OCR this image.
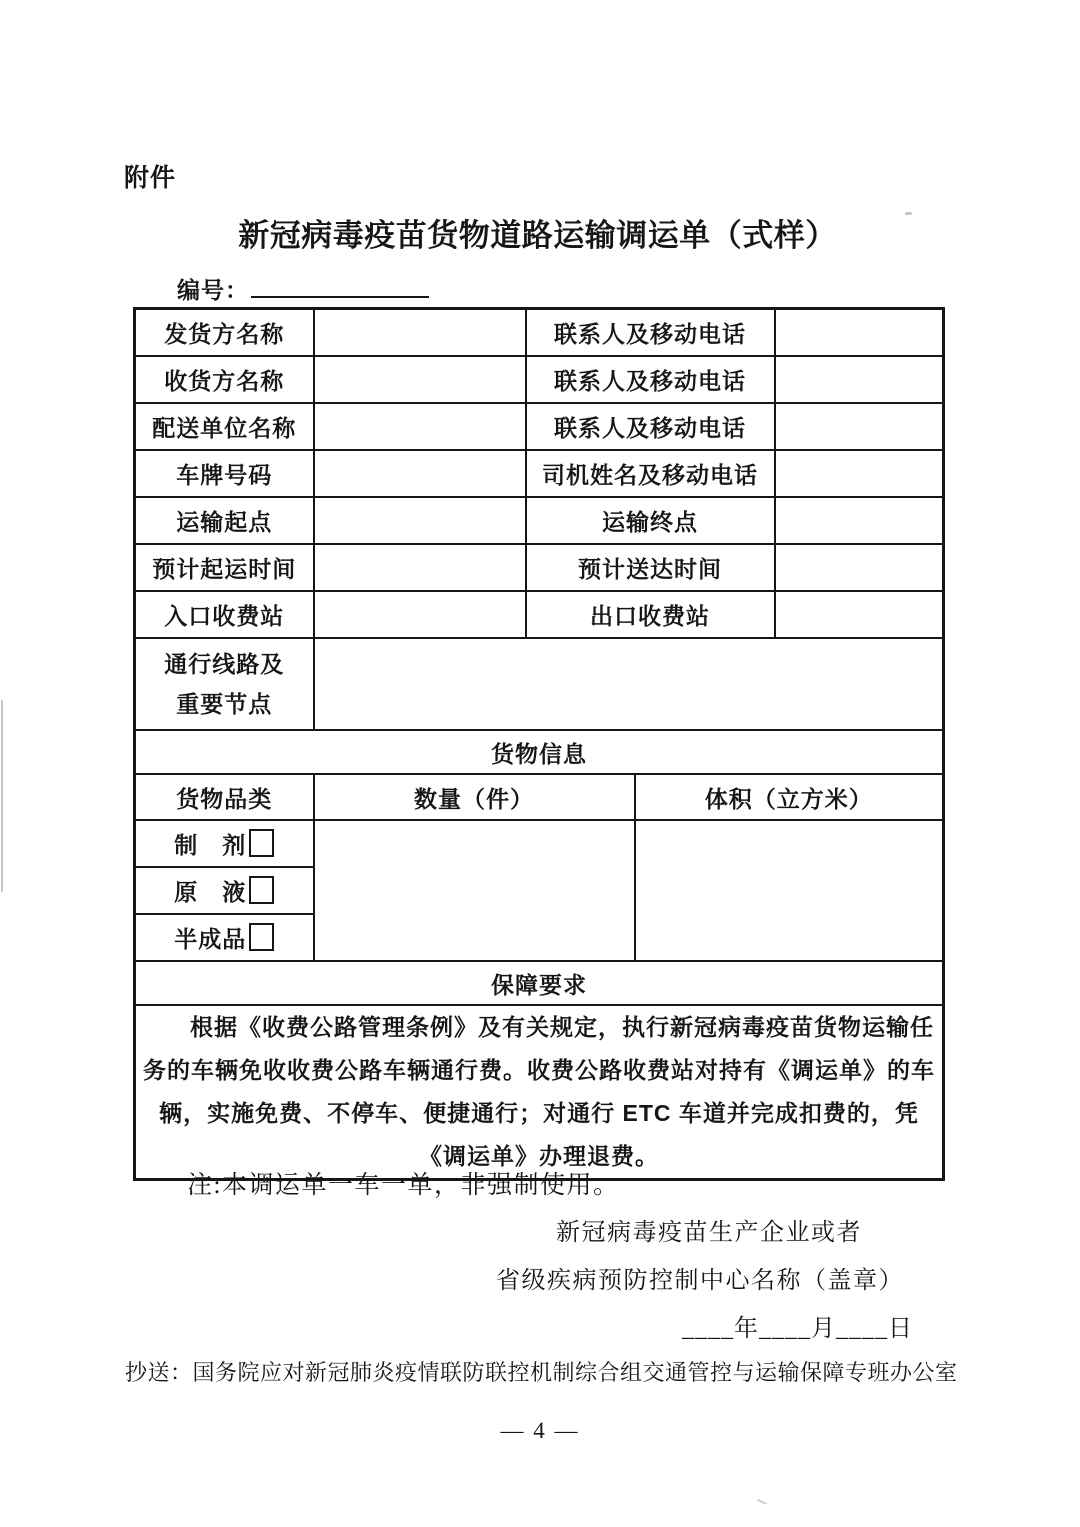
附件
新冠病毒疫苗货物道路运输调运单（式样）
编号：
发货方名称		联系人及移动电话		
收货方名称		联系人及移动电话		
配送单位名称		联系人及移动电话		
车牌号码		司机姓名及移动电话		
运输起点		运输终点		
预计起运时间		预计送达时间		
入口收费站		出口收费站		
通行线路及
重要节点				
货物信息				
货物品类	数量（件）		体积（立方米）	
制　剂				
原　液				
半成品				
保障要求				
根据《收费公路管理条例》及有关规定，执行新冠病毒疫苗货物运输任务的车辆免收收费公路车辆通行费。收费公路收费站对持有《调运单》的车辆，实施免费、不停车、便捷通行；对通行 ETC 车道并完成扣费的，凭《调运单》办理退费。				
注:本调运单一车一单，非强制使用。
新冠病毒疫苗生产企业或者
省级疾病预防控制中心名称（盖章）
____年____月____日
抄送：国务院应对新冠肺炎疫情联防联控机制综合组交通管控与运输保障专班办公室
— 4 —
